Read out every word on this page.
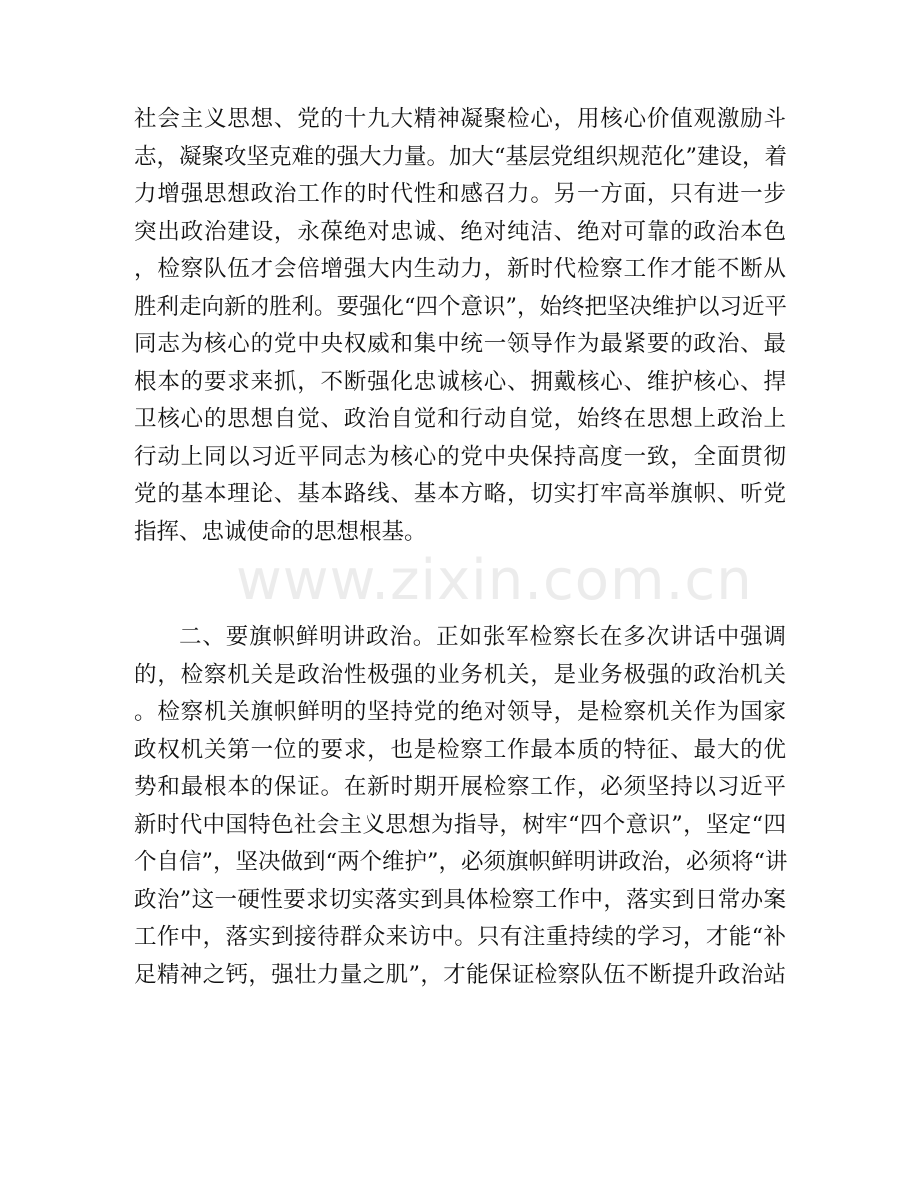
社会主义思想、党的十九大精神凝聚检心，用核心价值观激励斗
志，凝聚攻坚克难的强大力量。加大“基层党组织规范化”建设，着
力增强思想政治工作的时代性和感召力。另一方面，只有进一步
突出政治建设，永葆绝对忠诚、绝对纯洁、绝对可靠的政治本色
，检察队伍才会倍增强大内生动力，新时代检察工作才能不断从
胜利走向新的胜利。要强化“四个意识”，始终把坚决维护以习近平
同志为核心的党中央权威和集中统一领导作为最紧要的政治、最
根本的要求来抓，不断强化忠诚核心、拥戴核心、维护核心、捍
卫核心的思想自觉、政治自觉和行动自觉，始终在思想上政治上
行动上同以习近平同志为核心的党中央保持高度一致，全面贯彻
党的基本理论、基本路线、基本方略，切实打牢高举旗帜、听党
指挥、忠诚使命的思想根基。
二、要旗帜鲜明讲政治。正如张军检察长在多次讲话中强调
的，检察机关是政治性极强的业务机关，是业务极强的政治机关
。检察机关旗帜鲜明的坚持党的绝对领导，是检察机关作为国家
政权机关第一位的要求，也是检察工作最本质的特征、最大的优
势和最根本的保证。在新时期开展检察工作，必须坚持以习近平
新时代中国特色社会主义思想为指导，树牢“四个意识”，坚定“四
个自信”，坚决做到“两个维护”，必须旗帜鲜明讲政治，必须将“讲
政治”这一硬性要求切实落实到具体检察工作中，落实到日常办案
工作中，落实到接待群众来访中。只有注重持续的学习，才能“补
足精神之钙，强壮力量之肌”，才能保证检察队伍不断提升政治站
www.zixin.com.cn
